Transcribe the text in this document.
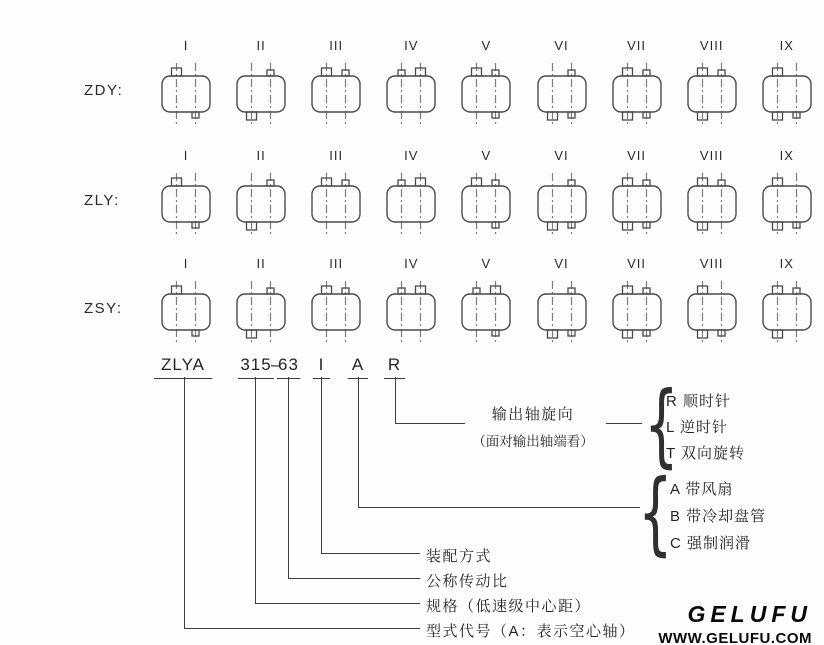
ZDY:
I	II	III	IV	V	VI	VII	VIII	IX
ZLY:
I	II	III	IV	V	VI	VII	VIII	IX
ZSY:
I	II	III	IV	V	VI	VII	VIII	IX
ZLYA	315 –
63	I	A R
输出轴旋向
（面对输出轴端看） {
{
R 顺时针
L 逆时针
T 双向旋转
A 带风扇
B 带冷却盘管
C 强制润滑
装配方式
公称传动比
规格（低速级中心距）
型式代号（A：表示空心轴）
GELUFU
WWW.GELUFU.COM
